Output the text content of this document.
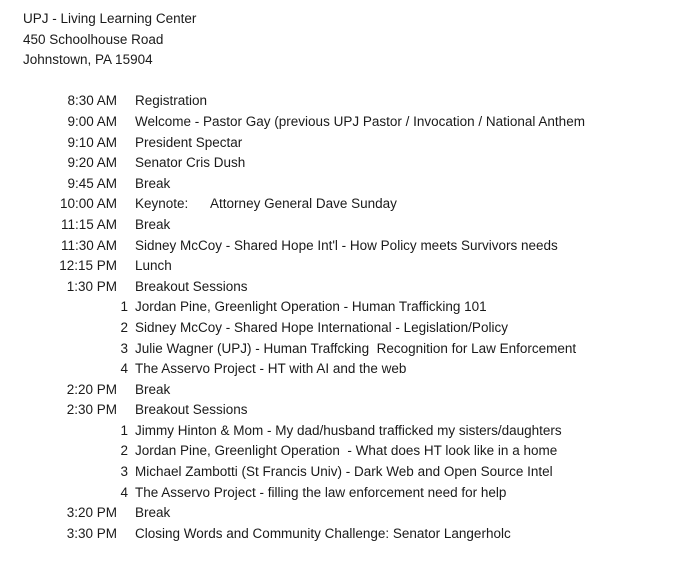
UPJ - Living Learning Center
450 Schoolhouse Road
Johnstown, PA 15904
8:30 AM Registration
9:00 AM Welcome - Pastor Gay (previous UPJ Pastor / Invocation / National Anthem
9:10 AM President Spectar
9:20 AM Senator Cris Dush
9:45 AM Break
10:00 AM Keynote:      Attorney General Dave Sunday
11:15 AM Break
11:30 AM Sidney McCoy - Shared Hope Int'l - How Policy meets Survivors needs
12:15 PM Lunch
1:30 PM Breakout Sessions
1 Jordan Pine, Greenlight Operation - Human Trafficking 101
2 Sidney McCoy - Shared Hope International - Legislation/Policy
3 Julie Wagner (UPJ) - Human Traffcking  Recognition for Law Enforcement
4 The Asservo Project - HT with AI and the web
2:20 PM Break
2:30 PM Breakout Sessions
1 Jimmy Hinton & Mom - My dad/husband trafficked my sisters/daughters
2 Jordan Pine, Greenlight Operation  - What does HT look like in a home
3 Michael Zambotti (St Francis Univ) - Dark Web and Open Source Intel
4 The Asservo Project - filling the law enforcement need for help
3:20 PM Break
3:30 PM Closing Words and Community Challenge: Senator Langerholc
